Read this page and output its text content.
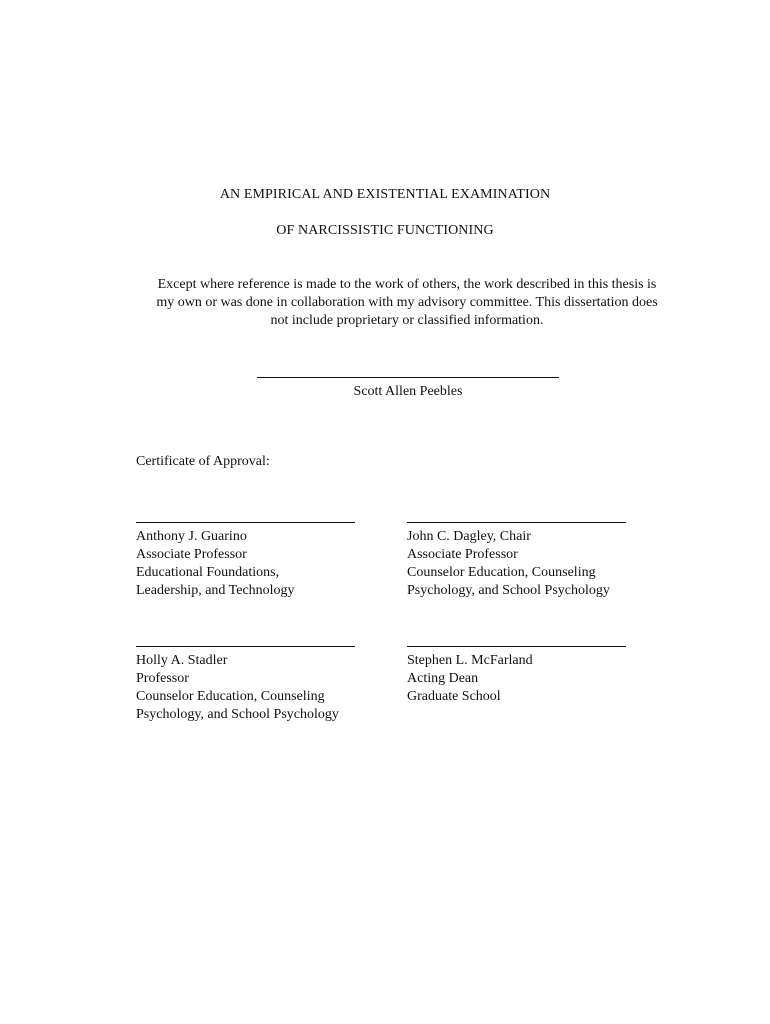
AN EMPIRICAL AND EXISTENTIAL EXAMINATION
OF NARCISSISTIC FUNCTIONING
Except where reference is made to the work of others, the work described in this thesis is
my own or was done in collaboration with my advisory committee. This dissertation does
not include proprietary or classified information.
Scott Allen Peebles
Certificate of Approval:
Anthony J. Guarino
Associate Professor
Educational Foundations,
Leadership, and Technology
John C. Dagley, Chair
Associate Professor
Counselor Education, Counseling
Psychology, and School Psychology
Holly A. Stadler
Professor
Counselor Education, Counseling
Psychology, and School Psychology
Stephen L. McFarland
Acting Dean
Graduate School
